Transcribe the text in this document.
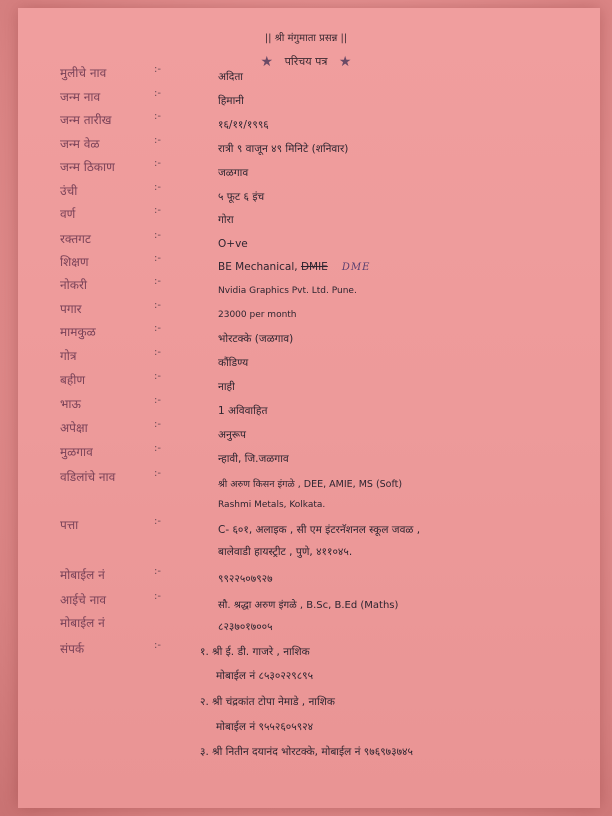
|| श्री मंगुमाता प्रसन्न ||
★ परिचय पत्र ★
मुलीचे नाव	:-
अदिता
जन्म नाव	:-
हिमानी
जन्म तारीख	:-
१६/११/१९९६
जन्म वेळ	:-
रात्री ९ वाजून ४९ मिनिटे (शनिवार)
जन्म ठिकाण	:-
जळगाव
उंची	:-
५ फूट ६ इंच
वर्ण	:-
गोरा
रक्तगट	:-
O+ve
शिक्षण	:-
BE Mechanical, DMIE DME
नोकरी	:-
Nvidia Graphics Pvt. Ltd. Pune.
पगार	:-
23000 per month
मामकुळ	:-
भोरटक्के (जळगाव)
गोत्र	:-
कौंडिण्य
बहीण	:-
नाही
भाऊ	:-
1 अविवाहित
अपेक्षा	:-
अनुरूप
मुळगाव	:-
न्हावी, जि.जळगाव
वडिलांचे नाव	:-
श्री अरुण किसन इंगळे , DEE, AMIE, MS (Soft)
Rashmi Metals, Kolkata.
पत्ता	:-
C- ६०१, अलाइक , सी एम इंटरनॅशनल स्कूल जवळ ,
बालेवाडी हायस्ट्रीट , पुणे, ४११०४५.
मोबाईल नं	:-
९९२२५०७९२७
आईचे नाव	:-
सौ. श्रद्धा अरुण इंगळे , B.Sc, B.Ed (Maths)
मोबाईल नं	८२३७०१७००५
संपर्क	:-
१. श्री ई. डी. गाजरे , नाशिक
मोबाईल नं ८५३०२२९८९५
२. श्री चंद्रकांत टोपा नेमाडे , नाशिक
मोबाईल नं ९५५२६०५९२४
३. श्री नितीन दयानंद भोरटक्के, मोबाईल नं ९७६९७३७४५
